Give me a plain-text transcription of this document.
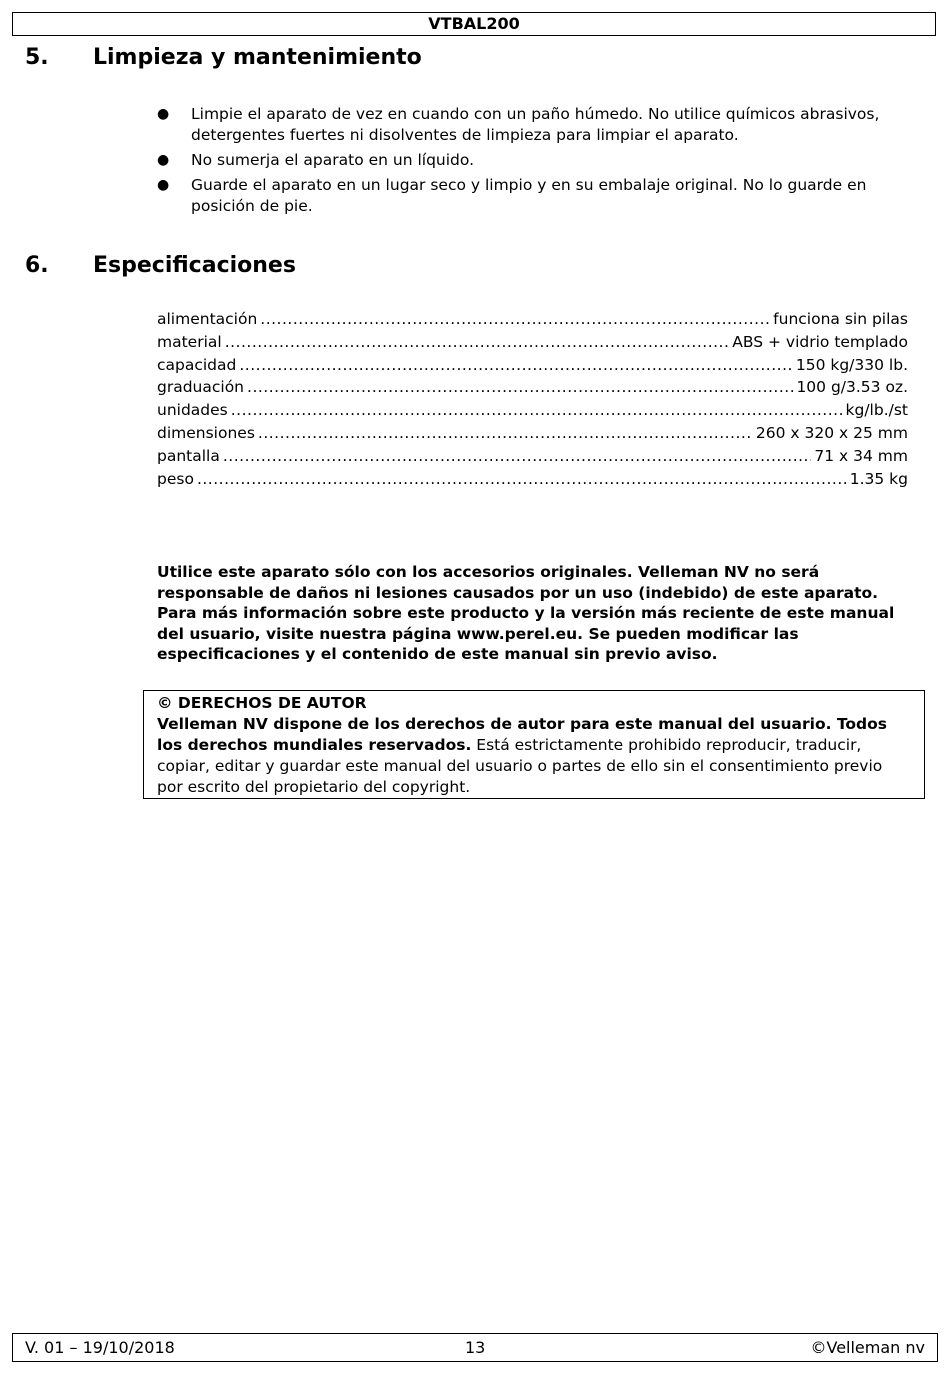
VTBAL200
5. Limpieza y mantenimiento
● Limpie el aparato de vez en cuando con un paño húmedo. No utilice químicos abrasivos, detergentes fuertes ni disolventes de limpieza para limpiar el aparato.
● No sumerja el aparato en un líquido.
● Guarde el aparato en un lugar seco y limpio y en su embalaje original. No lo guarde en posición de pie.
6. Especificaciones
alimentación .....	funciona sin pilas
material .....	ABS + vidrio templado
capacidad .....	150 kg/330 lb.
graduación .....	100 g/3.53 oz.
unidades .....	kg/lb./st
dimensiones .....	260 x 320 x 25 mm
pantalla .....	71 x 34 mm
peso .....	1.35 kg
Utilice este aparato sólo con los accesorios originales. Velleman NV no será responsable de daños ni lesiones causados por un uso (indebido) de este aparato. Para más información sobre este producto y la versión más reciente de este manual del usuario, visite nuestra página www.perel.eu. Se pueden modificar las especificaciones y el contenido de este manual sin previo aviso.
© DERECHOS DE AUTOR
Velleman NV dispone de los derechos de autor para este manual del usuario. Todos los derechos mundiales reservados. Está estrictamente prohibido reproducir, traducir, copiar, editar y guardar este manual del usuario o partes de ello sin el consentimiento previo por escrito del propietario del copyright.
V. 01 – 19/10/2018	13	©Velleman nv
